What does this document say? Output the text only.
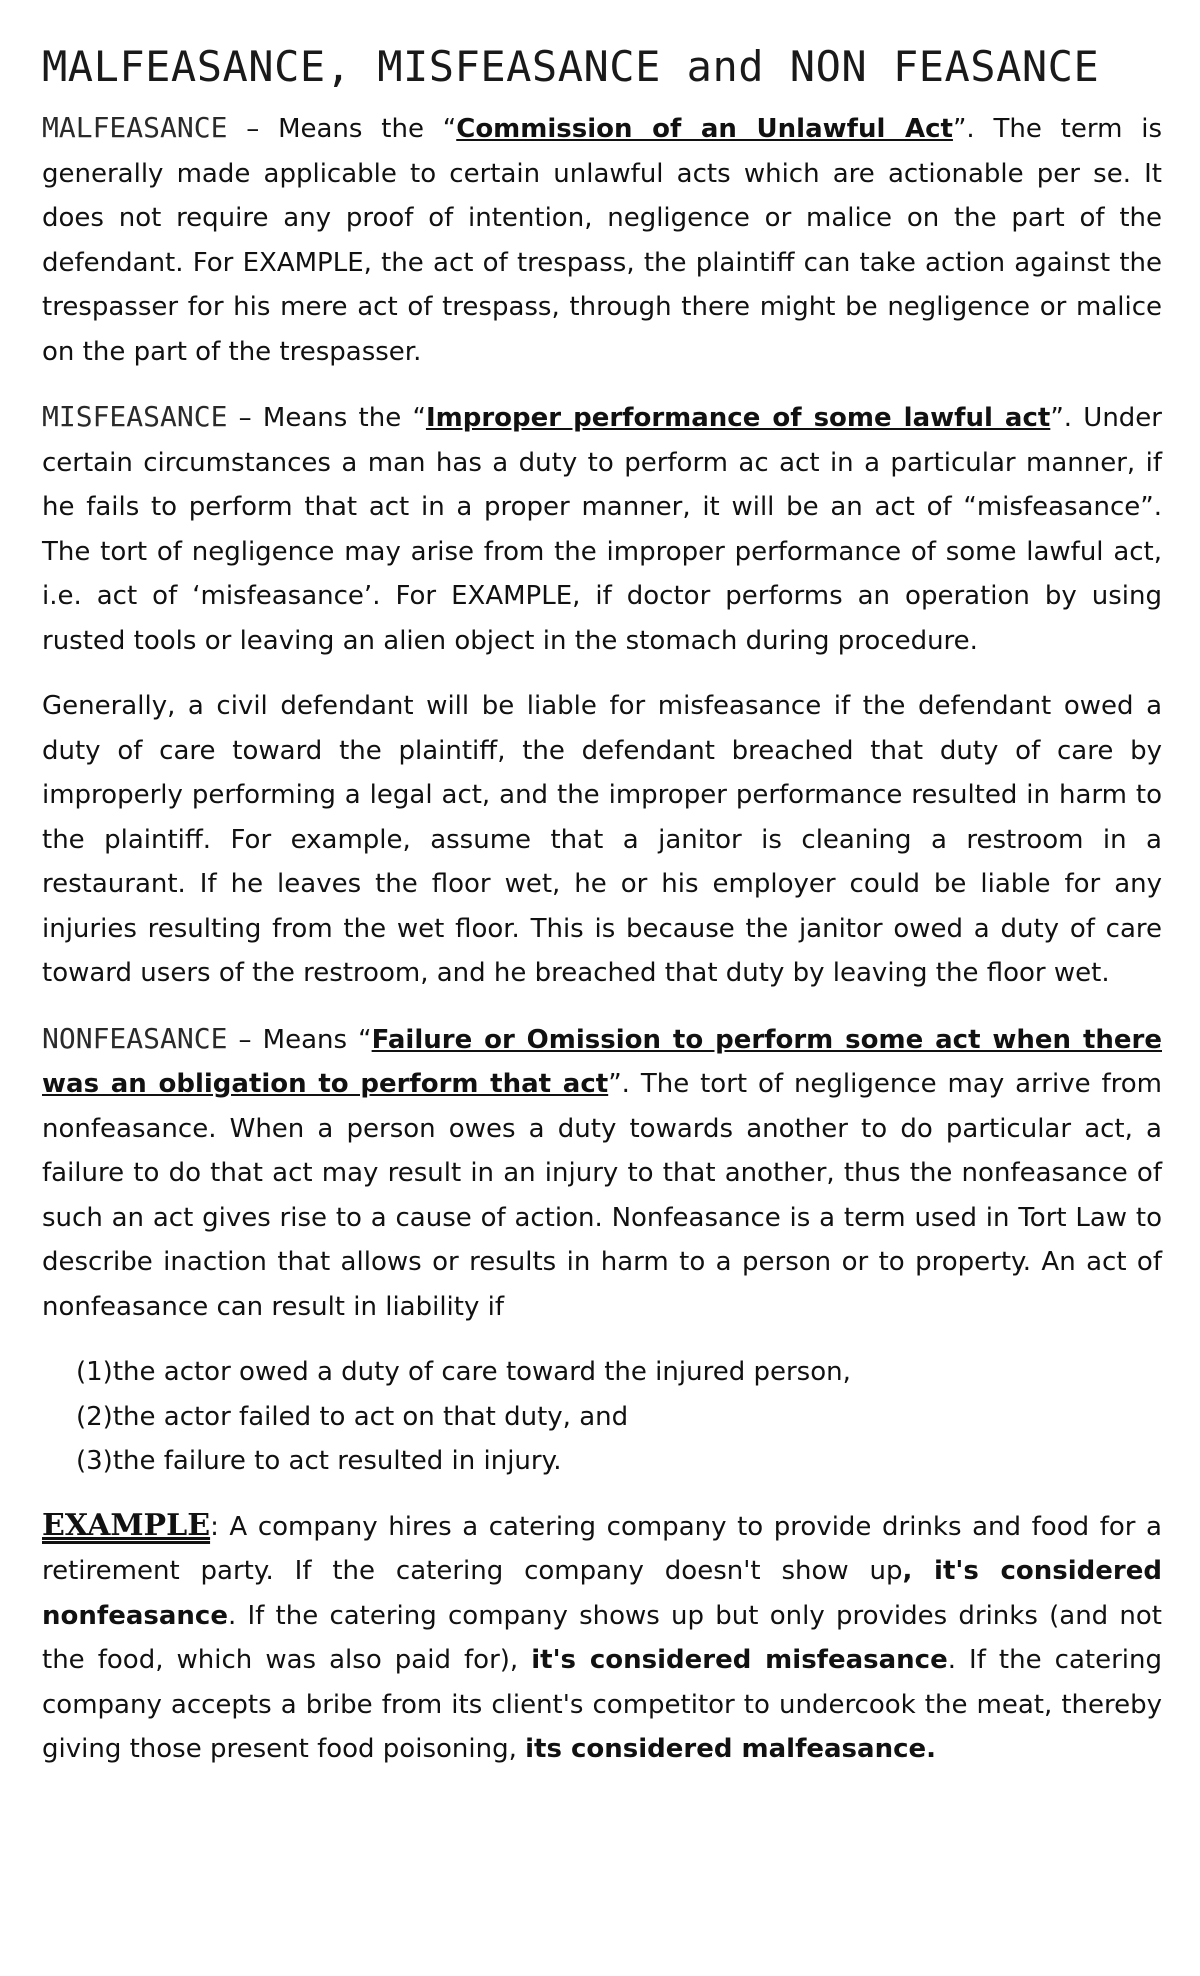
MALFEASANCE, MISFEASANCE and NON FEASANCE

MALFEASANCE – Means the “Commission of an Unlawful Act”. The term is generally made applicable to certain unlawful acts which are actionable per se. It does not require any proof of intention, negligence or malice on the part of the defendant. For EXAMPLE, the act of trespass, the plaintiff can take action against the trespasser for his mere act of trespass, through there might be negligence or malice on the part of the trespasser.

MISFEASANCE – Means the “Improper performance of some lawful act”. Under certain circumstances a man has a duty to perform ac act in a particular manner, if he fails to perform that act in a proper manner, it will be an act of “misfeasance”. The tort of negligence may arise from the improper performance of some lawful act, i.e. act of ‘misfeasance’. For EXAMPLE, if doctor performs an operation by using rusted tools or leaving an alien object in the stomach during procedure.

Generally, a civil defendant will be liable for misfeasance if the defendant owed a duty of care toward the plaintiff, the defendant breached that duty of care by improperly performing a legal act, and the improper performance resulted in harm to the plaintiff. For example, assume that a janitor is cleaning a restroom in a restaurant. If he leaves the floor wet, he or his employer could be liable for any injuries resulting from the wet floor. This is because the janitor owed a duty of care toward users of the restroom, and he breached that duty by leaving the floor wet.

NONFEASANCE – Means “Failure or Omission to perform some act when there was an obligation to perform that act”. The tort of negligence may arrive from nonfeasance. When a person owes a duty towards another to do particular act, a failure to do that act may result in an injury to that another, thus the nonfeasance of such an act gives rise to a cause of action. Nonfeasance is a term used in Tort Law to describe inaction that allows or results in harm to a person or to property. An act of nonfeasance can result in liability if

(1)the actor owed a duty of care toward the injured person,
(2)the actor failed to act on that duty, and
(3)the failure to act resulted in injury.

EXAMPLE: A company hires a catering company to provide drinks and food for a retirement party. If the catering company doesn't show up, it's considered nonfeasance. If the catering company shows up but only provides drinks (and not the food, which was also paid for), it's considered misfeasance. If the catering company accepts a bribe from its client's competitor to undercook the meat, thereby giving those present food poisoning, its considered malfeasance.
